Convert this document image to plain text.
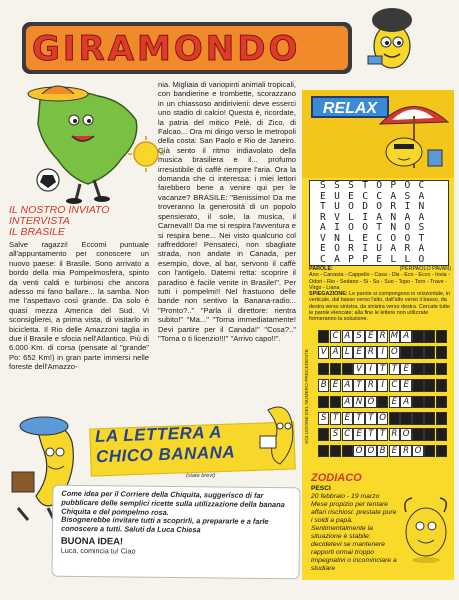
GIRAMONDO
IL NOSTRO INVIATO
INTERVISTA
IL BRASILE
Salve ragazzi! Eccomi puntuale all'appuntamento per conoscere un nuovo paese: il Brasile. Sono arrivato a bordo della mia Pompelmosfera, spinto da venti caldi e turbinosi che ancora adesso mi fano ballare... la samba. Non me l'aspettavo così grande. Da solo è quasi mezza America del Sud. Vi sconsiglierei, a prima vista, di visitarlo in bicicletta. Il Rio delle Amazzoni taglia in due il Brasile e sfocia nell'Atlantico. Più di 6.000 Km. di corsa (pensate al "grande" Po: 652 Km!) in gran parte immersi nelle foreste dell'Amazzo-
nia. Migliaia di variopinti animali tropicali, con bandierine e trombette, scorazzano in un chiassoso andirivieni: deve esserci uno stadio di calcio! Questa è, ricordate, la patria del mitico Pelè, di Zico, di Falcao... Ora mi dirigo verso le metropoli della costa: San Paolo e Rio de Janeiro. Già sento il ritmo indiavolato della musica brasiliera e il... profumo irresistibile di caffè riempire l'aria. Ora la domanda che ci interessa: i miei lettori farebbero bene a venire qui per le vacanze? BRASILE: "Benissimo! Da me troveranno la generosità di un popolo spensierato, il sole, la musica, il Carneval!! Da me si respira l'avventura e si respira bene... Nei visto qualcuno col raffreddore! Pensateci, non sbagliate strada, non andate in Canada, per esempio, dove, al bar, servono il caffè con l'antigelo. Datemi retta: scoprire il paradiso è facile venite in Brasile!". Per tutti i pompelmi!! Nel frastuono delle bande non sentivo la Banana-radio... "Pronto?.." "Parla il direttore: rientra subito!" "Ma..." "Torna immediatamente! Devi partire per il Canada!" "Cosa?.." "Torna o ti licenzio!!!" "Arrivo capo!!".
RELAX
SSSTOPOC
EUECCASA
TUODORIN
RVLIANAA
AIOOTNOS
VNLECOOT
EORIUARA
CAPPELLO
PAROLE:	(PERPAOLO PAVAN)
Ano - Canasta - Cappello - Casa - Dis - Eco - Ecco - Invia - Odori - Rio - Sedano - Si - Su - Suo - Topo - Toro - Trave - Virgo - Liana
SPIEGAZIONE: Le parole si compongono in orizzontale, in verticale, dal basso verso l'alto, dall'alto verso il basso, da destra verso sinistra, da sinistra verso destra. Cercate tutte le parole elencate; alla fine le lettere non utilizzate formeranno la soluzione.
SOLUZIONE DEL NUMERO PRECEDENTE
C A S E R M A
V A L E R I O
V I T T E
B E A T R I C E
A N O	E A
S T E T T O
S C E T T R O
O O B E R O
ZODIACO
PESCI
20 febbraio - 19 marzo
Mese propizio per tentare affari rischiosi: prestate pure i soldi a papà. Sentimentalmente la situazione è stabile: decidetevi se mantenere rapporti ormai troppo impegnativi o incominciare a studiare
LA LETTERA A
CHICO BANANA
(siate brevi)

Come idea per il Corriere della Chiquita, suggerisco di far pubblicare delle semplici ricette sulla utilizzazione della banana Chiquita e del pompelmo rosa.

Bisognerebbe invitare tutti a scoprirli, a prepararle e a farle conoscere a tutti. Saluti da Luca Chiesa

BUONA IDEA!
Luca, comincia tu! Ciao
